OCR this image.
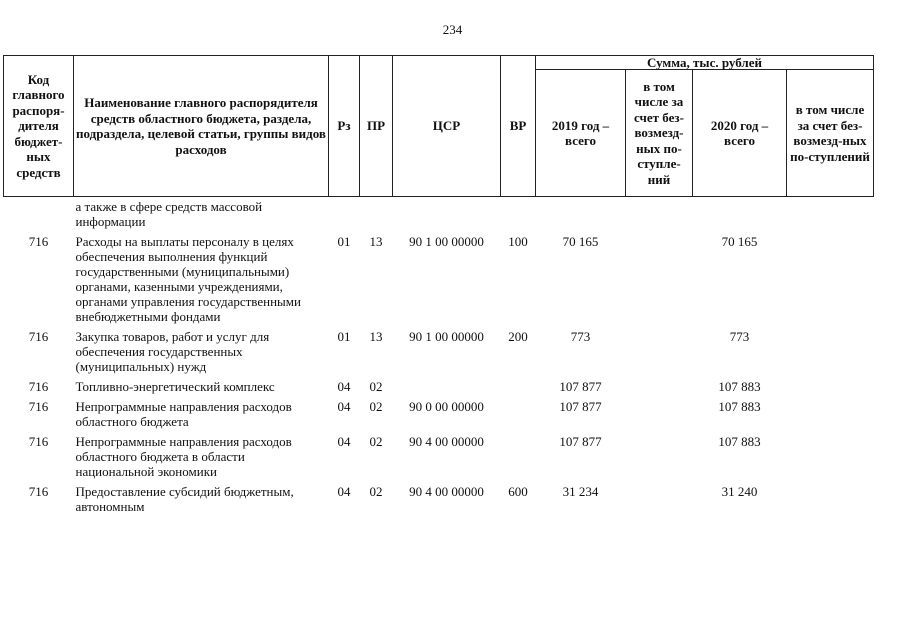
234
Код главного распоря-дителя бюджет-ных средств	Наименование главного распорядителя средств областного бюджета, раздела, подраздела, целевой статьи, группы видов расходов	Рз	ПР	ЦСР	ВР	Сумма, тыс. рублей			
						2019 год – всего	в том числе за счет без-возмезд-ных по-ступле-ний	2020 год – всего	в том числе за счет без-возмезд-ных по-ступлений
	а также в сфере средств массовой информации								
716	Расходы на выплаты персоналу в целях обеспечения выполнения функций государственными (муниципальными) органами, казенными учреждениями, органами управления государственными внебюджетными фондами	01	13	90 1 00 00000	100	70 165		70 165	
716	Закупка товаров, работ и услуг для обеспечения государственных (муниципальных) нужд	01	13	90 1 00 00000	200	773		773	
716	Топливно-энергетический комплекс	04	02			107 877		107 883	
716	Непрограммные направления расходов областного бюджета	04	02	90 0 00 00000		107 877		107 883	
716	Непрограммные направления расходов областного бюджета в области национальной экономики	04	02	90 4 00 00000		107 877		107 883	
716	Предоставление субсидий бюджетным, автономным	04	02	90 4 00 00000	600	31 234		31 240	
